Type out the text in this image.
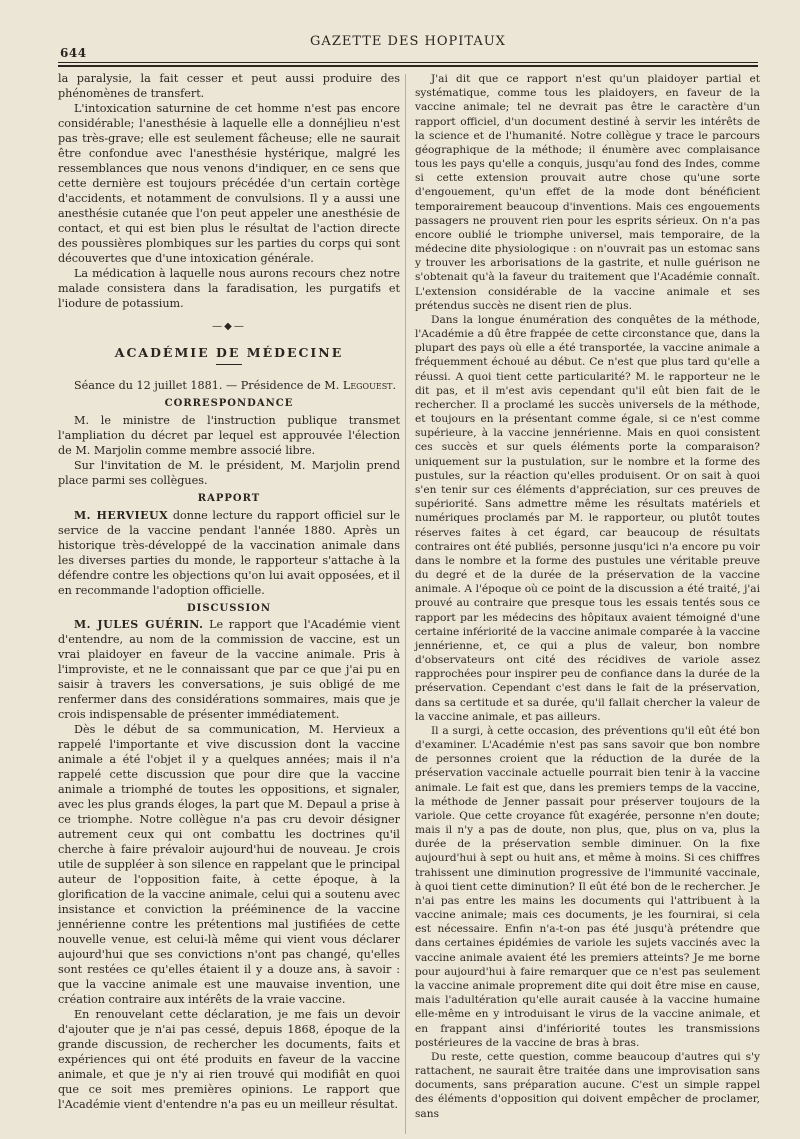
644
GAZETTE DES HOPITAUX

la paralysie, la fait cesser et peut aussi produire des phénomènes de transfert.

L'intoxication saturnine de cet homme n'est pas encore considérable; l'anesthésie à laquelle elle a donnéjlieu n'est pas très-grave; elle est seulement fâcheuse; elle ne saurait être confondue avec l'anesthésie hystérique, malgré les ressemblances que nous venons d'indiquer, en ce sens que cette dernière est toujours précédée d'un certain cortège d'accidents, et notamment de convulsions. Il y a aussi une anesthésie cutanée que l'on peut appeler une anesthésie de contact, et qui est bien plus le résultat de l'action directe des poussières plombiques sur les parties du corps qui sont découvertes que d'une intoxication générale.

La médication à laquelle nous aurons recours chez notre malade consistera dans la faradisation, les purgatifs et l'iodure de potassium.

—◆—
ACADÉMIE DE MÉDECINE

Séance du 12 juillet 1881. — Présidence de M. Legouest.

CORRESPONDANCE

M. le ministre de l'instruction publique transmet l'ampliation du décret par lequel est approuvée l'élection de M. Marjolin comme membre associé libre.

Sur l'invitation de M. le président, M. Marjolin prend place parmi ses collègues.

RAPPORT

M. HERVIEUX donne lecture du rapport officiel sur le service de la vaccine pendant l'année 1880. Après un historique très-développé de la vaccination animale dans les diverses parties du monde, le rapporteur s'attache à la défendre contre les objections qu'on lui avait opposées, et il en recommande l'adoption officielle.

DISCUSSION

M. JULES GUÉRIN. Le rapport que l'Académie vient d'entendre, au nom de la commission de vaccine, est un vrai plaidoyer en faveur de la vaccine animale. Pris à l'improviste, et ne le connaissant que par ce que j'ai pu en saisir à travers les conversations, je suis obligé de me renfermer dans des considérations sommaires, mais que je crois indispensable de présenter immédiatement.

Dès le début de sa communication, M. Hervieux a rappelé l'importante et vive discussion dont la vaccine animale a été l'objet il y a quelques années; mais il n'a rappelé cette discussion que pour dire que la vaccine animale a triomphé de toutes les oppositions, et signaler, avec les plus grands éloges, la part que M. Depaul a prise à ce triomphe. Notre collègue n'a pas cru devoir désigner autrement ceux qui ont combattu les doctrines qu'il cherche à faire prévaloir aujourd'hui de nouveau. Je crois utile de suppléer à son silence en rappelant que le principal auteur de l'opposition faite, à cette époque, à la glorification de la vaccine animale, celui qui a soutenu avec insistance et conviction la prééminence de la vaccine jennérienne contre les prétentions mal justifiées de cette nouvelle venue, est celui-là même qui vient vous déclarer aujourd'hui que ses convictions n'ont pas changé, qu'elles sont restées ce qu'elles étaient il y a douze ans, à savoir : que la vaccine animale est une mauvaise invention, une création contraire aux intérêts de la vraie vaccine.

En renouvelant cette déclaration, je me fais un devoir d'ajouter que je n'ai pas cessé, depuis 1868, époque de la grande discussion, de rechercher les documents, faits et expériences qui ont été produits en faveur de la vaccine animale, et que je n'y ai rien trouvé qui modifiât en quoi que ce soit mes premières opinions. Le rapport que l'Académie vient d'entendre n'a pas eu un meilleur résultat.

J'ai dit que ce rapport n'est qu'un plaidoyer partial et systématique, comme tous les plaidoyers, en faveur de la vaccine animale; tel ne devrait pas être le caractère d'un rapport officiel, d'un document destiné à servir les intérêts de la science et de l'humanité. Notre collègue y trace le parcours géographique de la méthode; il énumère avec complaisance tous les pays qu'elle a conquis, jusqu'au fond des Indes, comme si cette extension prouvait autre chose qu'une sorte d'engouement, qu'un effet de la mode dont bénéficient temporairement beaucoup d'inventions. Mais ces engouements passagers ne prouvent rien pour les esprits sérieux. On n'a pas encore oublié le triomphe universel, mais temporaire, de la médecine dite physiologique : on n'ouvrait pas un estomac sans y trouver les arborisations de la gastrite, et nulle guérison ne s'obtenait qu'à la faveur du traitement que l'Académie connaît. L'extension considérable de la vaccine animale et ses prétendus succès ne disent rien de plus.

Dans la longue énumération des conquêtes de la méthode, l'Académie a dû être frappée de cette circonstance que, dans la plupart des pays où elle a été transportée, la vaccine animale a fréquemment échoué au début. Ce n'est que plus tard qu'elle a réussi. A quoi tient cette particularité? M. le rapporteur ne le dit pas, et il m'est avis cependant qu'il eût bien fait de le rechercher. Il a proclamé les succès universels de la méthode, et toujours en la présentant comme égale, si ce n'est comme supérieure, à la vaccine jennérienne. Mais en quoi consistent ces succès et sur quels éléments porte la comparaison? uniquement sur la pustulation, sur le nombre et la forme des pustules, sur la réaction qu'elles produisent. Or on sait à quoi s'en tenir sur ces éléments d'appréciation, sur ces preuves de supériorité. Sans admettre même les résultats matériels et numériques proclamés par M. le rapporteur, ou plutôt toutes réserves faites à cet égard, car beaucoup de résultats contraires ont été publiés, personne jusqu'ici n'a encore pu voir dans le nombre et la forme des pustules une véritable preuve du degré et de la durée de la préservation de la vaccine animale. A l'époque où ce point de la discussion a été traité, j'ai prouvé au contraire que presque tous les essais tentés sous ce rapport par les médecins des hôpitaux avaient témoigné d'une certaine infériorité de la vaccine animale comparée à la vaccine jennérienne, et, ce qui a plus de valeur, bon nombre d'observateurs ont cité des récidives de variole assez rapprochées pour inspirer peu de confiance dans la durée de la préservation. Cependant c'est dans le fait de la préservation, dans sa certitude et sa durée, qu'il fallait chercher la valeur de la vaccine animale, et pas ailleurs.

Il a surgi, à cette occasion, des préventions qu'il eût été bon d'examiner. L'Académie n'est pas sans savoir que bon nombre de personnes croient que la réduction de la durée de la préservation vaccinale actuelle pourrait bien tenir à la vaccine animale. Le fait est que, dans les premiers temps de la vaccine, la méthode de Jenner passait pour préserver toujours de la variole. Que cette croyance fût exagérée, personne n'en doute; mais il n'y a pas de doute, non plus, que, plus on va, plus la durée de la préservation semble diminuer. On la fixe aujourd'hui à sept ou huit ans, et même à moins. Si ces chiffres trahissent une diminution progressive de l'immunité vaccinale, à quoi tient cette diminution? Il eût été bon de le rechercher. Je n'ai pas entre les mains les documents qui l'attribuent à la vaccine animale; mais ces documents, je les fournirai, si cela est nécessaire. Enfin n'a-t-on pas été jusqu'à prétendre que dans certaines épidémies de variole les sujets vaccinés avec la vaccine animale avaient été les premiers atteints? Je me borne pour aujourd'hui à faire remarquer que ce n'est pas seulement la vaccine animale proprement dite qui doit être mise en cause, mais l'adultération qu'elle aurait causée à la vaccine humaine elle-même en y introduisant le virus de la vaccine animale, et en frappant ainsi d'infériorité toutes les transmissions postérieures de la vaccine de bras à bras.

Du reste, cette question, comme beaucoup d'autres qui s'y rattachent, ne saurait être traitée dans une improvisation sans documents, sans préparation aucune. C'est un simple rappel des éléments d'opposition qui doivent empêcher de proclamer, sans
